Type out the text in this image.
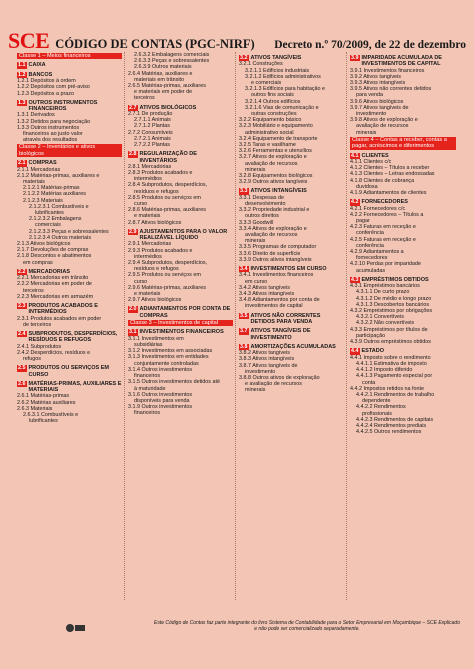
SCE CÓDIGO DE CONTAS (PGC-NIRF) Decreto n.º 70/2009, de 22 de dezembro
Classe 1 – Meios financeiros
1.1 CAIXA
1.2 BANCOS
1.2.1 Depósitos à ordem
1.2.2 Depósitos com pré-aviso
1.2.3 Depósitos a prazo
1.3 OUTROS INSTRUMENTOS FINANCEIROS
1.3.1 Derivados
1.3.2 Detidos para negociação
1.3.3 Outros instrumentos
financeiros ao justo valor
através dos resultados
Classe 2 – Inventários e ativos biológicos
2.1 COMPRAS
2.1.1 Mercadorias
2.1.2 Matérias-primas, auxiliares e
materiais
2.1.2.1 Matérias-primas
2.1.2.2 Matérias auxiliares
2.1.2.3 Materiais
2.1.2.3.1 Combustíveis e
lubrificantes
2.1.2.3.2 Embalagens
comerciais
2.1.2.3.3 Peças e sobressalentes
2.1.2.3.4 Outros materiais
2.1.3 Ativos biológicos
2.1.7 Devoluções de compras
2.1.8 Descontos e abatimentos
em compras
2.2 MERCADORIAS
2.2.1 Mercadorias em trânsito
2.2.2 Mercadorias em poder de
terceiros
2.2.3 Mercadorias em armazém
2.3 PRODUTOS ACABADOS E INTERMÉDIOS
2.3.1 Produtos acabados em poder
de terceiros
2.4 SUBPRODUTOS, DESPERDÍCIOS, RESÍDUOS E REFUGOS
2.4.1 Subprodutos
2.4.2 Desperdícios, resíduos e
refugos
2.5 PRODUTOS OU SERVIÇOS EM CURSO
2.6 MATÉRIAS-PRIMAS, AUXILIARES E MATERIAIS
2.6.1 Matérias-primas
2.6.2 Matérias auxiliares
2.6.3 Materiais
2.6.3.1 Combustíveis e
lubrificantes
2.6.3.2 Embalagens comerciais
2.6.3.3 Peças e sobressalentes
2.6.3.9 Outros materiais
2.6.4 Matérias, auxiliares e
materiais em trânsito
2.6.5 Matérias-primas, auxiliares
e materiais em poder de
terceiros
2.7 ATIVOS BIOLÓGICOS
2.7.1 De produção
2.7.1.1 Animais
2.7.1.2 Plantas
2.7.2 Consumíveis
2.7.2.1 Animais
2.7.2.2 Plantas
2.8 REGULARIZAÇÃO DE INVENTÁRIOS
2.8.1 Mercadorias
2.8.3 Produtos acabados e
intermédios
2.8.4 Subprodutos, desperdícios,
resíduos e refugos
2.8.5 Produtos ou serviços em
curso
2.8.6 Matérias-primas, auxiliares
e materiais
2.8.7 Ativos biológicos
2.9 AJUSTAMENTOS PARA O VALOR REALIZÁVEL LÍQUIDO
2.9.1 Mercadorias
2.9.3 Produtos acabados e
intermédios
2.9.4 Subprodutos, desperdícios,
resíduos e refugos
2.9.5 Produtos ou serviços em
curso
2.9.6 Matérias-primas, auxiliares
e materiais
2.9.7 Ativos biológicos
2.0 ADIANTAMENTOS POR CONTA DE COMPRAS
Classe 3 – Investimentos de capital
3.1 INVESTIMENTOS FINANCEIROS
3.1.1 Investimentos em
subsidiárias
3.1.2 Investimentos em associadas
3.1.3 Investimentos em entidades
conjuntamente controladas
3.1.4 Outros investimentos
financeiros
3.1.5 Outros investimentos detidos até
à maturidade
3.1.6 Outros investimentos
disponíveis para venda
3.1.9 Outros investimentos
financeiros
3.2 ATIVOS TANGÍVEIS
3.2.1 Construções
3.2.1.1 Edifícios industriais
3.2.1.2 Edifícios administrativos
e comerciais
3.2.1.3 Edifícios para habitação e
outros fins sociais
3.2.1.4 Outros edifícios
3.2.1.6 Vias de comunicação e
outras construções
3.2.2 Equipamento básico
3.2.3 Mobiliário e equipamento
administrativo social
3.2.4 Equipamento de transporte
3.2.5 Taras e vasilhame
3.2.6 Ferramentas e utensílios
3.2.7 Ativos de exploração e
avaliação de recursos
minerais
3.2.8 Equipamentos biológicos
3.2.9 Outros ativos tangíveis
3.3 ATIVOS INTANGÍVEIS
3.3.1 Despesas de
desenvolvimento
3.3.2 Propriedade industrial e
outros direitos
3.3.3 Goodwill
3.3.4 Ativos de exploração e
avaliação de recursos
minerais
3.3.5 Programas de computador
3.3.6 Direito de superfície
3.3.9 Outros ativos intangíveis
3.4 INVESTIMENTOS EM CURSO
3.4.1 Investimentos financeiros
em curso
3.4.2 Ativos tangíveis
3.4.3 Ativos intangíveis
3.4.8 Adiantamentos por conta de
investimentos de capital
3.5 ATIVOS NÃO CORRENTES DETIDOS PARA VENDA
3.7 ATIVOS TANGÍVEIS DE INVESTIMENTO
3.8 AMORTIZAÇÕES ACUMULADAS
3.8.2 Ativos tangíveis
3.8.3 Ativos intangíveis
3.8.7 Ativos tangíveis de
investimento
3.8.8 Outros ativos de exploração
e avaliação de recursos
minerais
3.9 IMPARIDADE ACUMULADA DE INVESTIMENTOS DE CAPITAL
3.9.1 Investimentos financeiros
3.9.2 Ativos tangíveis
3.9.3 Ativos intangíveis
3.9.5 Ativos não correntes detidos
para venda
3.9.6 Ativos biológicos
3.9.7 Ativos tangíveis de
investimento
3.9.8 Ativos de exploração e
avaliação de recursos
minerais
Classe 4 – Contas a receber, contas a pagar, acréscimos e diferimentos
4.1 CLIENTES
4.1.1 Clientes c/c
4.1.2 Clientes – Títulos a receber
4.1.3 Clientes – Letras endossadas
4.1.8 Clientes de cobrança
duvidosa
4.1.9 Adiantamentos de clientes
4.2 FORNECEDORES
4.2.1 Fornecedores c/c
4.2.2 Fornecedores – Títulos a
pagar
4.2.3 Faturas em receção e
conferência
4.2.5 Faturas em receção e
conferência
4.2.9 Adiantamentos a
fornecedores
4.2.10 Perdas por imparidade
acumuladas
4.3 EMPRÉSTIMOS OBTIDOS
4.3.1 Empréstimos bancários
4.3.1.1 De curto prazo
4.3.1.2 De médio e longo prazo
4.3.1.3 Descobertos bancários
4.3.2 Empréstimos por obrigações
4.3.2.1 Convertíveis
4.3.2.2 Não convertíveis
4.3.3 Empréstimos por títulos de
participação
4.3.9 Outros empréstimos obtidos
4.4 ESTADO
4.4.1 Imposto sobre o rendimento
4.4.1.1 Estimativa de imposto
4.4.1.2 Imposto diferido
4.4.1.3 Pagamento especial por
conta
4.4.2 Impostos retidos na fonte
4.4.2.1 Rendimentos de trabalho
dependente
4.4.2.2 Rendimentos
profissionais
4.4.2.3 Rendimentos de capitais
4.4.2.4 Rendimentos prediais
4.4.2.5 Outros rendimentos
Este Código de Contas faz parte integrante do livro Sistema de Contabilidade para o Setor Empresarial em Moçambique – SCE Explicado
e não pode ser comercializado separadamente.
